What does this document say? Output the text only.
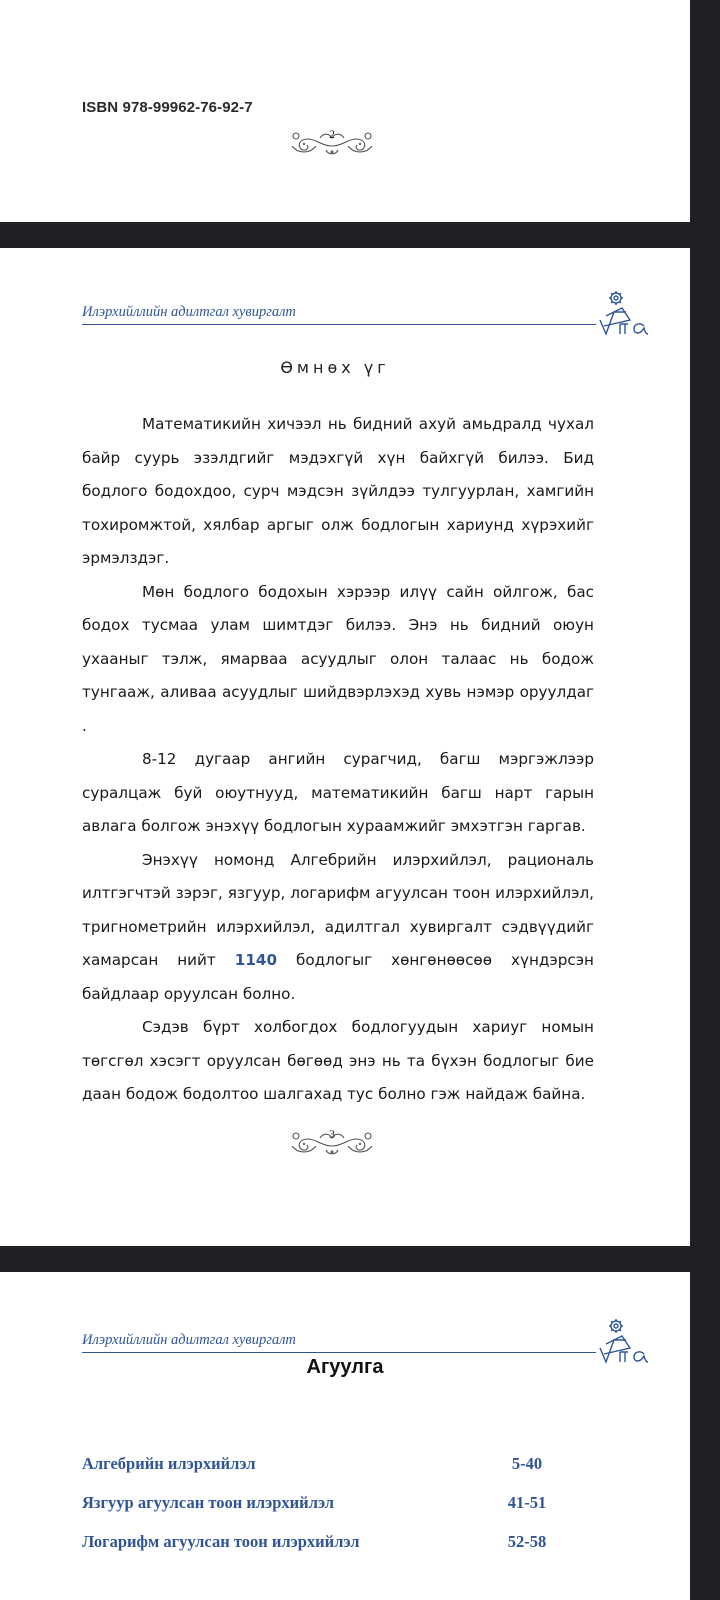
ISBN 978-99962-76-92-7
2
Илэрхийллийн адилтгал хувиргалт
Өмнөх үг

Математикийн хичээл нь бидний ахуй амьдралд чухал байр суурь эзэлдгийг мэдэхгүй хүн байхгүй билээ. Бид бодлого бодохдоо, сурч мэдсэн зүйлдээ тулгуурлан, хамгийн тохиромжтой, хялбар аргыг олж бодлогын хариунд хүрэхийг эрмэлздэг.

Мөн бодлого бодохын хэрээр илүү сайн ойлгож, бас бодох тусмаа улам шимтдэг билээ. Энэ нь бидний оюун ухааныг тэлж, ямарваа асуудлыг олон талаас нь бодож тунгааж, аливаа асуудлыг шийдвэрлэхэд хувь нэмэр оруулдаг .

8-12 дугаар ангийн сурагчид, багш мэргэжлээр суралцаж буй оюутнууд, математикийн багш нарт гарын авлага болгож энэхүү бодлогын хураамжийг эмхэтгэн гаргав.

Энэхүү номонд Алгебрийн илэрхийлэл, рациональ илтгэгчтэй зэрэг, язгуур, логарифм агуулсан тоон илэрхийлэл, тригнометрийн илэрхийлэл, адилтгал хувиргалт сэдвүүдийг хамарсан нийт 1140 бодлогыг хөнгөнөөсөө хүндэрсэн байдлаар оруулсан болно.

Сэдэв бүрт холбогдох бодлогуудын хариуг номын төгсгөл хэсэгт оруулсан бөгөөд энэ нь та бүхэн бодлогыг бие даан бодож бодолтоо шалгахад тус болно гэж найдаж байна.

3
Илэрхийллийн адилтгал хувиргалт
Агуулга
Алгебрийн илэрхийлэл	5-40
Язгуур агуулсан тоон илэрхийлэл	41-51
Логарифм агуулсан тоон илэрхийлэл	52-58
